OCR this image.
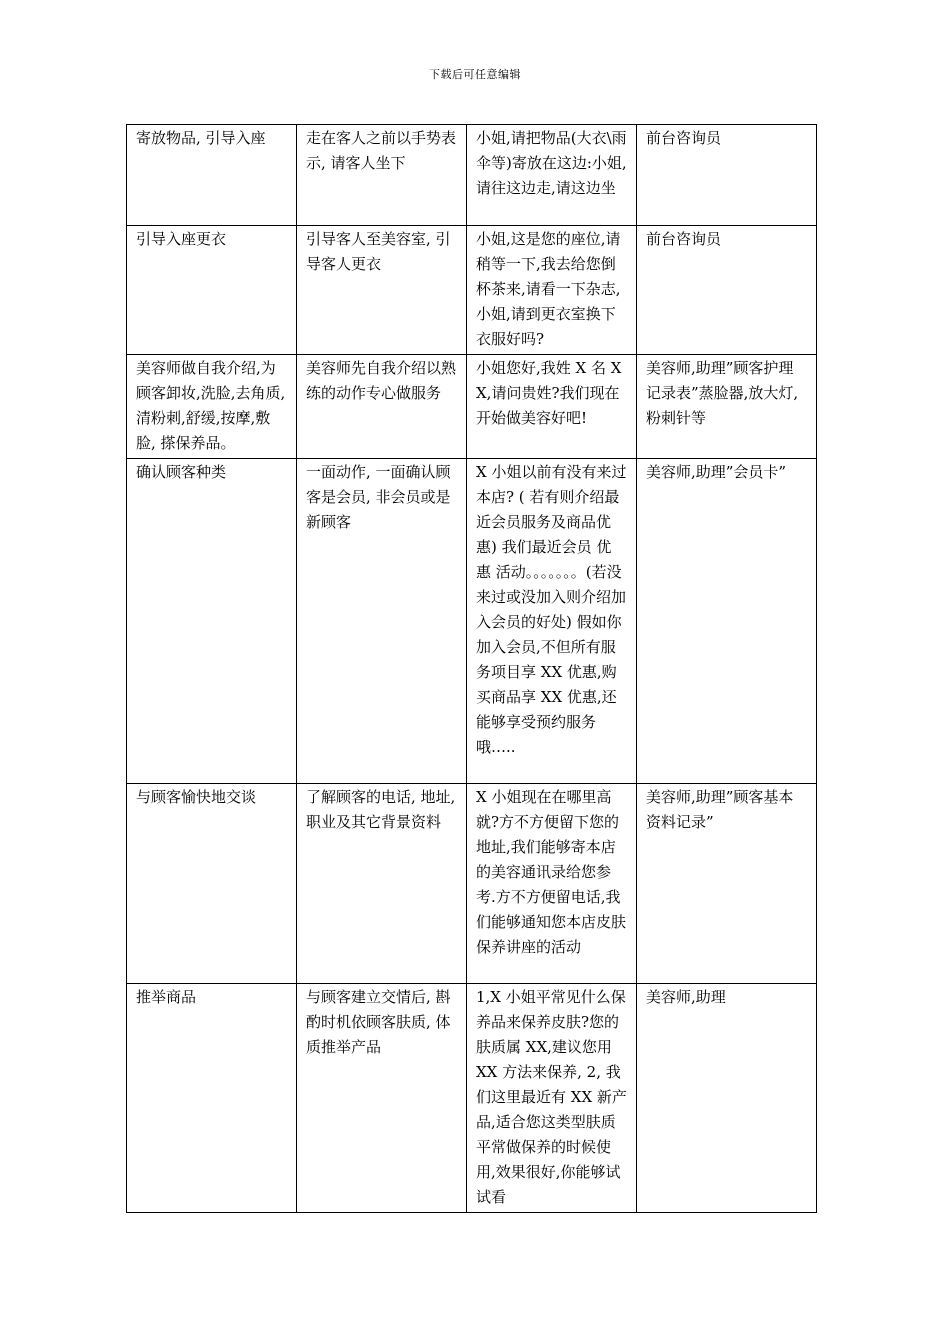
下载后可任意编辑
寄放物品, 引导入座	走在客人之前以手势表示, 请客人坐下	小姐,请把物品(大衣\雨伞等)寄放在这边:小姐,请往这边走,请这边坐	前台咨询员
引导入座更衣	引导客人至美容室, 引导客人更衣	小姐,这是您的座位,请稍等一下,我去给您倒杯茶来,请看一下杂志,小姐,请到更衣室换下衣服好吗?	前台咨询员
美容师做自我介绍,为顾客卸妆,洗脸,去角质,清粉刺,舒缓,按摩,敷脸, 搽保养品。	美容师先自我介绍以熟练的动作专心做服务	小姐您好,我姓 X 名 XX,请问贵姓?我们现在开始做美容好吧!	美容师,助理”顾客护理记录表”蒸脸器,放大灯,粉刺针等
确认顾客种类	一面动作, 一面确认顾客是会员, 非会员或是新顾客	X 小姐以前有没有来过本店? ( 若有则介绍最近会员服务及商品优惠) 我们最近会员 优 惠 活动。。。。。。。(若没来过或没加入则介绍加入会员的好处) 假如你加入会员,不但所有服务项目享 XX 优惠,购买商品享 XX 优惠,还能够享受预约服务哦…..	美容师,助理”会员卡”
与顾客愉快地交谈	了解顾客的电话, 地址, 职业及其它背景资料	X 小姐现在在哪里高就?方不方便留下您的地址,我们能够寄本店的美容通讯录给您参考.方不方便留电话,我们能够通知您本店皮肤保养讲座的活动	美容师,助理”顾客基本资料记录”
推举商品	与顾客建立交情后, 斟酌时机依顾客肤质, 体质推举产品	1,X 小姐平常见什么保养品来保养皮肤?您的肤质属 XX,建议您用 XX 方法来保养, 2, 我们这里最近有 XX 新产品,适合您这类型肤质平常做保养的时候使用,效果很好,你能够试试看	美容师,助理
